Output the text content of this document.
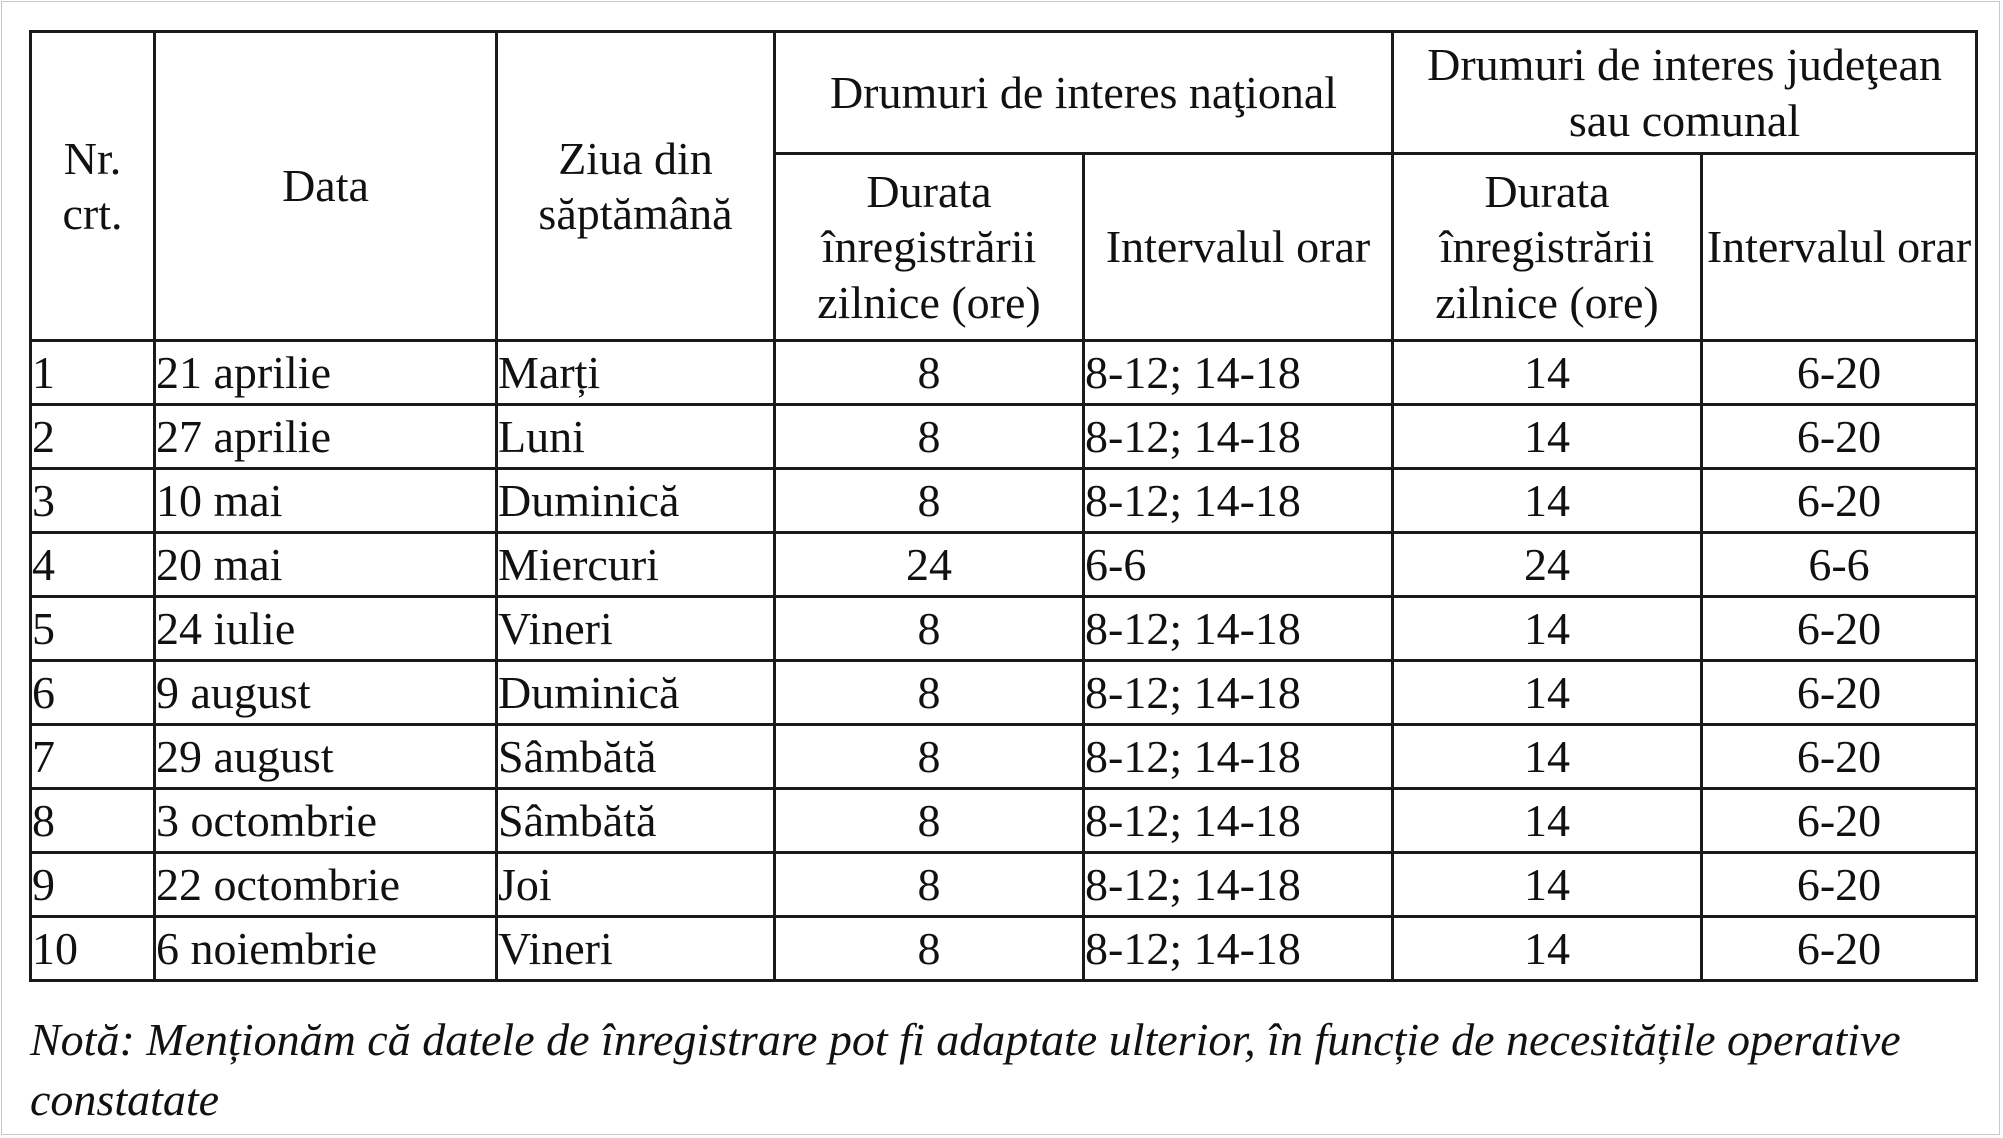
Nr. crt.	Data	Ziua din săptămână	Drumuri de interes naţional		Drumuri de interes judeţean sau comunal	
			Durata înregistrării zilnice (ore)	Intervalul orar	Durata înregistrării zilnice (ore)	Intervalul orar
1	21 aprilie	Marți	8	8-12; 14-18	14	6-20
2	27 aprilie	Luni	8	8-12; 14-18	14	6-20
3	10 mai	Duminică	8	8-12; 14-18	14	6-20
4	20 mai	Miercuri	24	6-6	24	6-6
5	24 iulie	Vineri	8	8-12; 14-18	14	6-20
6	9 august	Duminică	8	8-12; 14-18	14	6-20
7	29 august	Sâmbătă	8	8-12; 14-18	14	6-20
8	3 octombrie	Sâmbătă	8	8-12; 14-18	14	6-20
9	22 octombrie	Joi	8	8-12; 14-18	14	6-20
10	6 noiembrie	Vineri	8	8-12; 14-18	14	6-20
Notă: Menționăm că datele de înregistrare pot fi adaptate ulterior, în funcție de necesitățile operative constatate
